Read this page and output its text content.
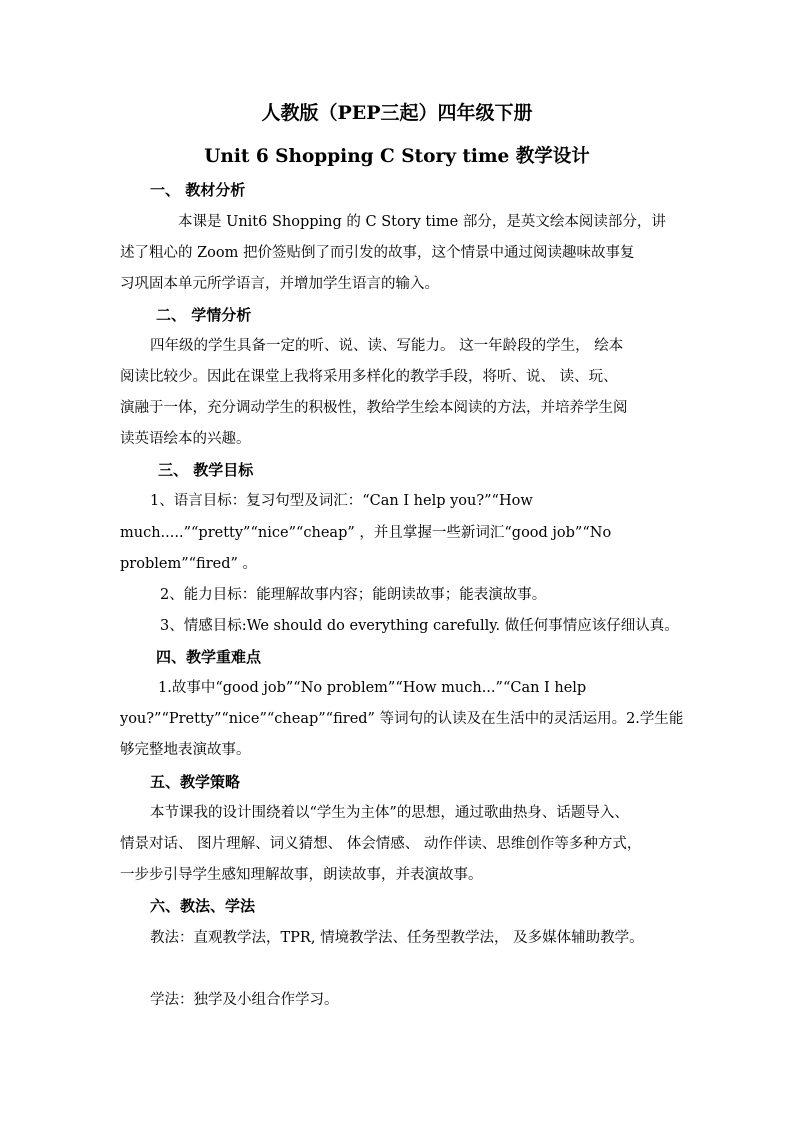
人教版（PEP三起）四年级下册
Unit 6 Shopping C Story time 教学设计
一、 教材分析
本课是 Unit6 Shopping 的 C Story time 部分，是英文绘本阅读部分，讲
述了粗心的 Zoom 把价签贴倒了而引发的故事，这个情景中通过阅读趣味故事复
习巩固本单元所学语言，并增加学生语言的输入。
二、 学情分析
四年级的学生具备一定的听、说、读、写能力。 这一年龄段的学生， 绘本
阅读比较少。因此在课堂上我将采用多样化的教学手段，将听、说、 读、玩、
演融于一体，充分调动学生的积极性，教给学生绘本阅读的方法，并培养学生阅
读英语绘本的兴趣。
三、 教学目标
1、语言目标：复习句型及词汇：“Can I help you?”“How
much.....”“pretty”“nice”“cheap” ，并且掌握一些新词汇“good job”“No
problem”“fired” 。
2、能力目标：能理解故事内容；能朗读故事；能表演故事。
3、情感目标:We should do everything carefully. 做任何事情应该仔细认真。
四、教学重难点
1.故事中“good job”“No problem”“How much...”“Can I help
you?”“Pretty”“nice”“cheap”“fired” 等词句的认读及在生活中的灵活运用。2.学生能
够完整地表演故事。
五、教学策略
本节课我的设计围绕着以“学生为主体”的思想，通过歌曲热身、话题导入、
情景对话、 图片理解、词义猜想、 体会情感、 动作伴读、思维创作等多种方式，
一步步引导学生感知理解故事，朗读故事，并表演故事。
六、教法、学法
教法：直观教学法，TPR, 情境教学法、任务型教学法， 及多媒体辅助教学。
学法：独学及小组合作学习。
